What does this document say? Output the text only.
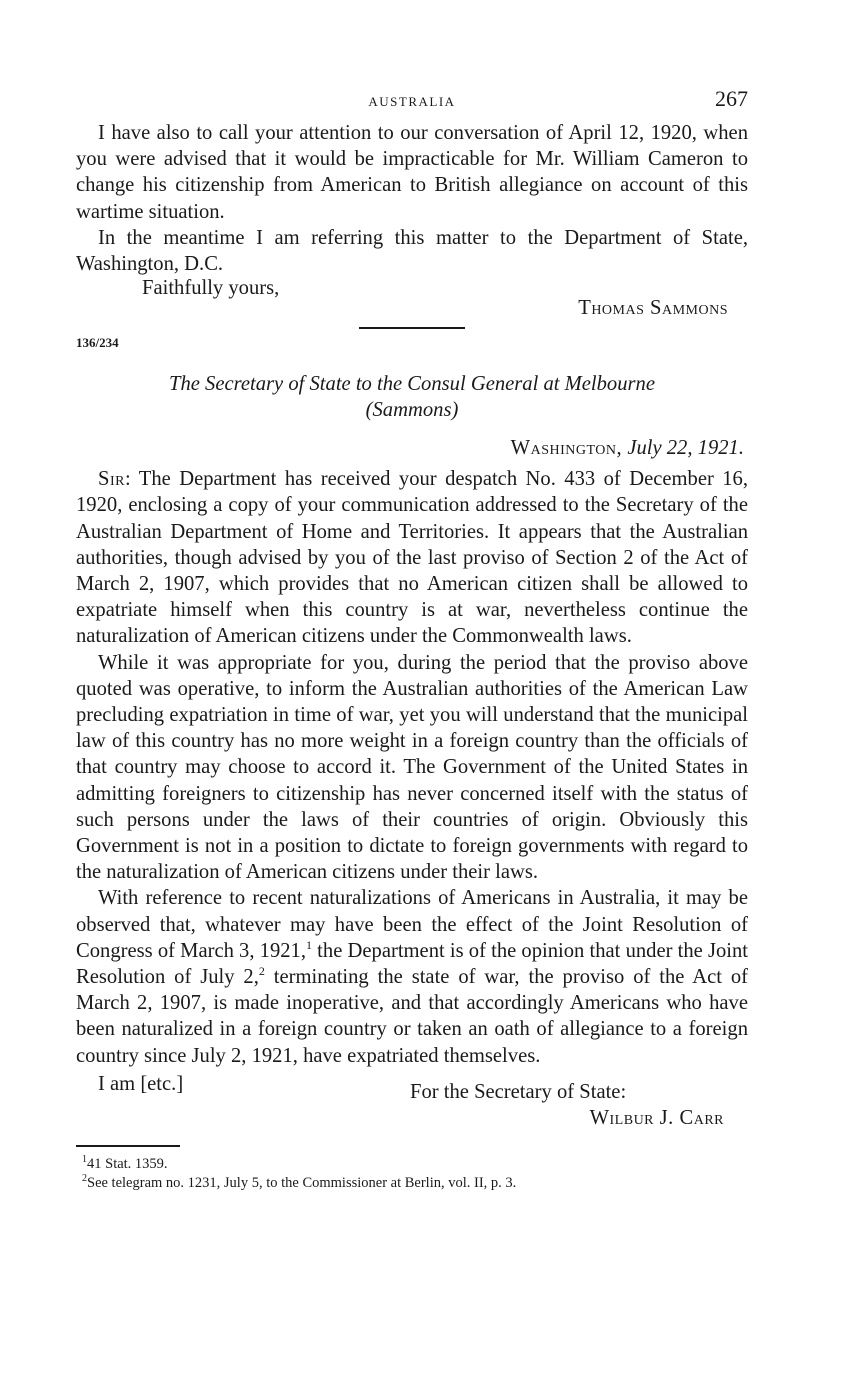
AUSTRALIA	267

I have also to call your attention to our conversation of April 12, 1920, when you were advised that it would be impracticable for Mr. William Cameron to change his citizenship from American to British allegiance on account of this wartime situation.

In the meantime I am referring this matter to the Department of State, Washington, D.C.

Faithfully yours,
Thomas Sammons
136/234
The Secretary of State to the Consul General at Melbourne
(Sammons)
Washington, July 22, 1921.

Sir: The Department has received your despatch No. 433 of December 16, 1920, enclosing a copy of your communication addressed to the Secretary of the Australian Department of Home and Territories. It appears that the Australian authorities, though advised by you of the last proviso of Section 2 of the Act of March 2, 1907, which provides that no American citizen shall be allowed to expatriate himself when this country is at war, nevertheless continue the naturalization of American citizens under the Commonwealth laws.

While it was appropriate for you, during the period that the proviso above quoted was operative, to inform the Australian authorities of the American Law precluding expatriation in time of war, yet you will understand that the municipal law of this country has no more weight in a foreign country than the officials of that country may choose to accord it. The Government of the United States in admitting foreigners to citizenship has never concerned itself with the status of such persons under the laws of their countries of origin. Obviously this Government is not in a position to dictate to foreign governments with regard to the naturalization of American citizens under their laws.

With reference to recent naturalizations of Americans in Australia, it may be observed that, whatever may have been the effect of the Joint Resolution of Congress of March 3, 1921,$^1$ the Department is of the opinion that under the Joint Resolution of July 2,$^2$ terminating the state of war, the proviso of the Act of March 2, 1907, is made inoperative, and that accordingly Americans who have been naturalized in a foreign country or taken an oath of allegiance to a foreign country since July 2, 1921, have expatriated themselves.

I am [etc.]	For the Secretary of State:
Wilbur J. Carr
$^1$41 Stat. 1359.
$^2$See telegram no. 1231, July 5, to the Commissioner at Berlin, vol. II, p. 3.
